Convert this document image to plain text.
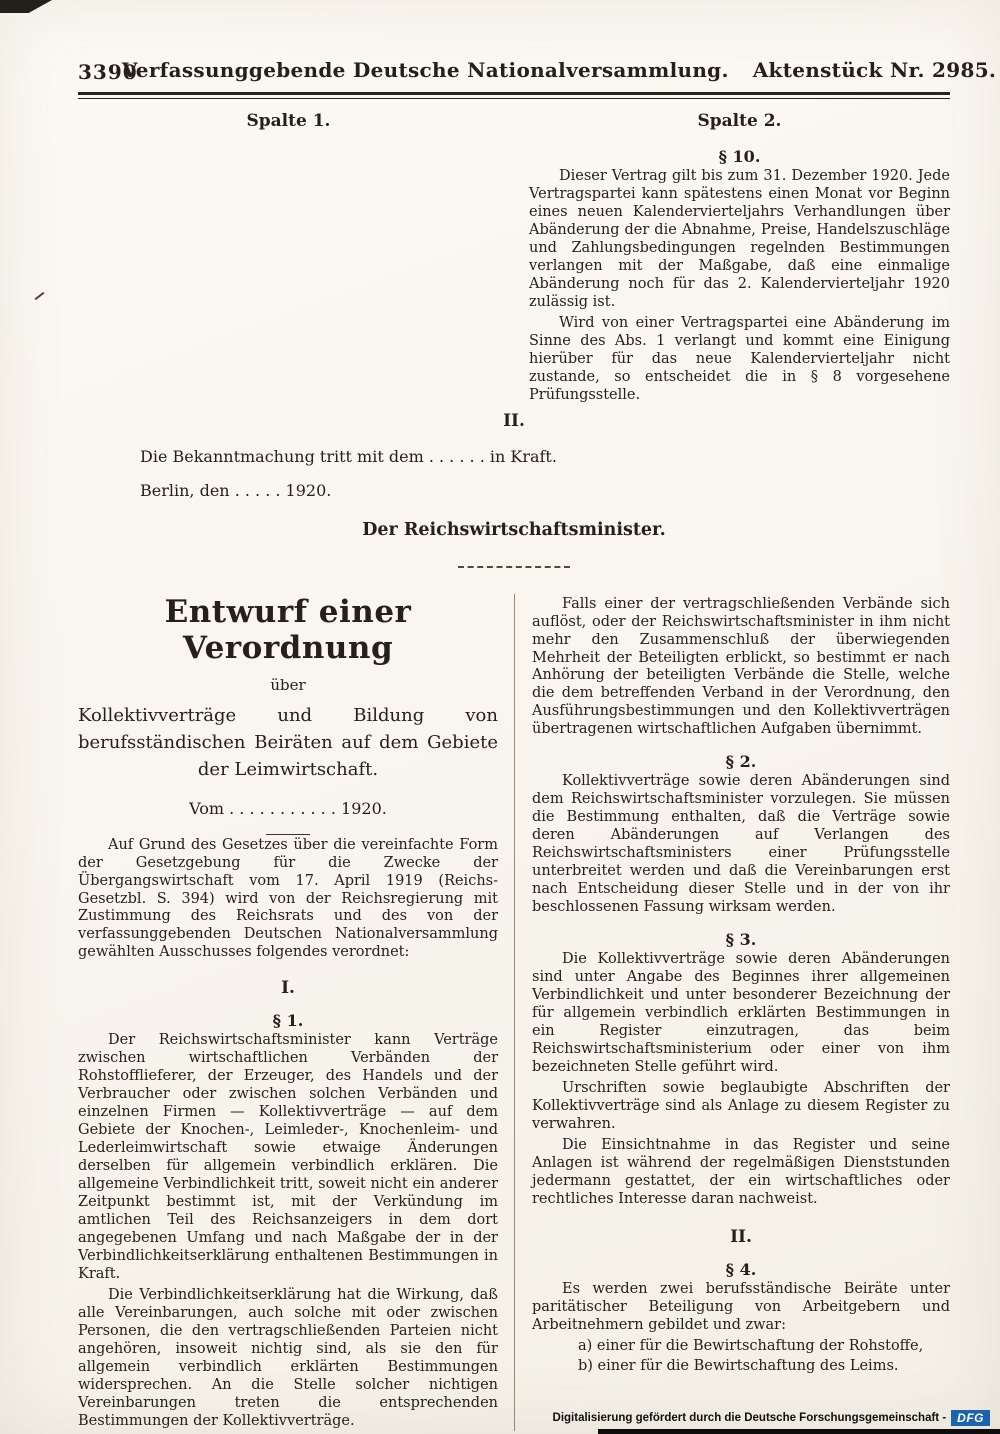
3390
Verfassunggebende Deutsche Nationalversammlung. Aktenstück Nr. 2985.
Spalte 1.	Spalte 2.
§ 10.

Dieser Vertrag gilt bis zum 31. Dezember 1920. Jede Vertragspartei kann spätestens einen Monat vor Beginn eines neuen Kalendervierteljahrs Verhandlungen über Abänderung der die Abnahme, Preise, Handelszuschläge und Zahlungsbedingungen regelnden Bestimmungen verlangen mit der Maßgabe, daß eine einmalige Abänderung noch für das 2. Kalendervierteljahr 1920 zulässig ist.

Wird von einer Vertragspartei eine Abänderung im Sinne des Abs. 1 verlangt und kommt eine Einigung hierüber für das neue Kalendervierteljahr nicht zustande, so entscheidet die in § 8 vorgesehene Prüfungsstelle.

II.
Die Bekanntmachung tritt mit dem . . . . . . in Kraft.
Berlin, den . . . . . 1920.
Der Reichswirtschaftsminister.
Entwurf einer Verordnung
über
Kollektivverträge und Bildung von berufsständischen Beiräten auf dem Gebiete der Leimwirtschaft.
Vom . . . . . . . . . . . 1920.

Auf Grund des Gesetzes über die vereinfachte Form der Gesetzgebung für die Zwecke der Übergangswirtschaft vom 17. April 1919 (Reichs-Gesetzbl. S. 394) wird von der Reichsregierung mit Zustimmung des Reichsrats und des von der verfassunggebenden Deutschen Nationalversammlung gewählten Ausschusses folgendes verordnet:

I.
§ 1.

Der Reichswirtschaftsminister kann Verträge zwischen wirtschaftlichen Verbänden der Rohstofflieferer, der Erzeuger, des Handels und der Verbraucher oder zwischen solchen Verbänden und einzelnen Firmen — Kollektivverträge — auf dem Gebiete der Knochen-, Leimleder-, Knochenleim- und Lederleimwirtschaft sowie etwaige Änderungen derselben für allgemein verbindlich erklären. Die allgemeine Verbindlichkeit tritt, soweit nicht ein anderer Zeitpunkt bestimmt ist, mit der Verkündung im amtlichen Teil des Reichsanzeigers in dem dort angegebenen Umfang und nach Maßgabe der in der Verbindlichkeitserklärung enthaltenen Bestimmungen in Kraft.

Die Verbindlichkeitserklärung hat die Wirkung, daß alle Vereinbarungen, auch solche mit oder zwischen Personen, die den vertragschließenden Parteien nicht angehören, insoweit nichtig sind, als sie den für allgemein verbindlich erklärten Bestimmungen widersprechen. An die Stelle solcher nichtigen Vereinbarungen treten die entsprechenden Bestimmungen der Kollektivverträge.

Falls einer der vertragschließenden Verbände sich auflöst, oder der Reichswirtschaftsminister in ihm nicht mehr den Zusammenschluß der überwiegenden Mehrheit der Beteiligten erblickt, so bestimmt er nach Anhörung der beteiligten Verbände die Stelle, welche die dem betreffenden Verband in der Verordnung, den Ausführungsbestimmungen und den Kollektivverträgen übertragenen wirtschaftlichen Aufgaben übernimmt.

§ 2.

Kollektivverträge sowie deren Abänderungen sind dem Reichswirtschaftsminister vorzulegen. Sie müssen die Bestimmung enthalten, daß die Verträge sowie deren Abänderungen auf Verlangen des Reichswirtschaftsministers einer Prüfungsstelle unterbreitet werden und daß die Vereinbarungen erst nach Entscheidung dieser Stelle und in der von ihr beschlossenen Fassung wirksam werden.

§ 3.

Die Kollektivverträge sowie deren Abänderungen sind unter Angabe des Beginnes ihrer allgemeinen Verbindlichkeit und unter besonderer Bezeichnung der für allgemein verbindlich erklärten Bestimmungen in ein Register einzutragen, das beim Reichswirtschaftsministerium oder einer von ihm bezeichneten Stelle geführt wird.

Urschriften sowie beglaubigte Abschriften der Kollektivverträge sind als Anlage zu diesem Register zu verwahren.

Die Einsichtnahme in das Register und seine Anlagen ist während der regelmäßigen Dienststunden jedermann gestattet, der ein wirtschaftliches oder rechtliches Interesse daran nachweist.

II.
§ 4.

Es werden zwei berufsständische Beiräte unter paritätischer Beteiligung von Arbeitgebern und Arbeitnehmern gebildet und zwar:

a) einer für die Bewirtschaftung der Rohstoffe,
b) einer für die Bewirtschaftung des Leims.
Digitalisierung gefördert durch die Deutsche Forschungsgemeinschaft - DFG
